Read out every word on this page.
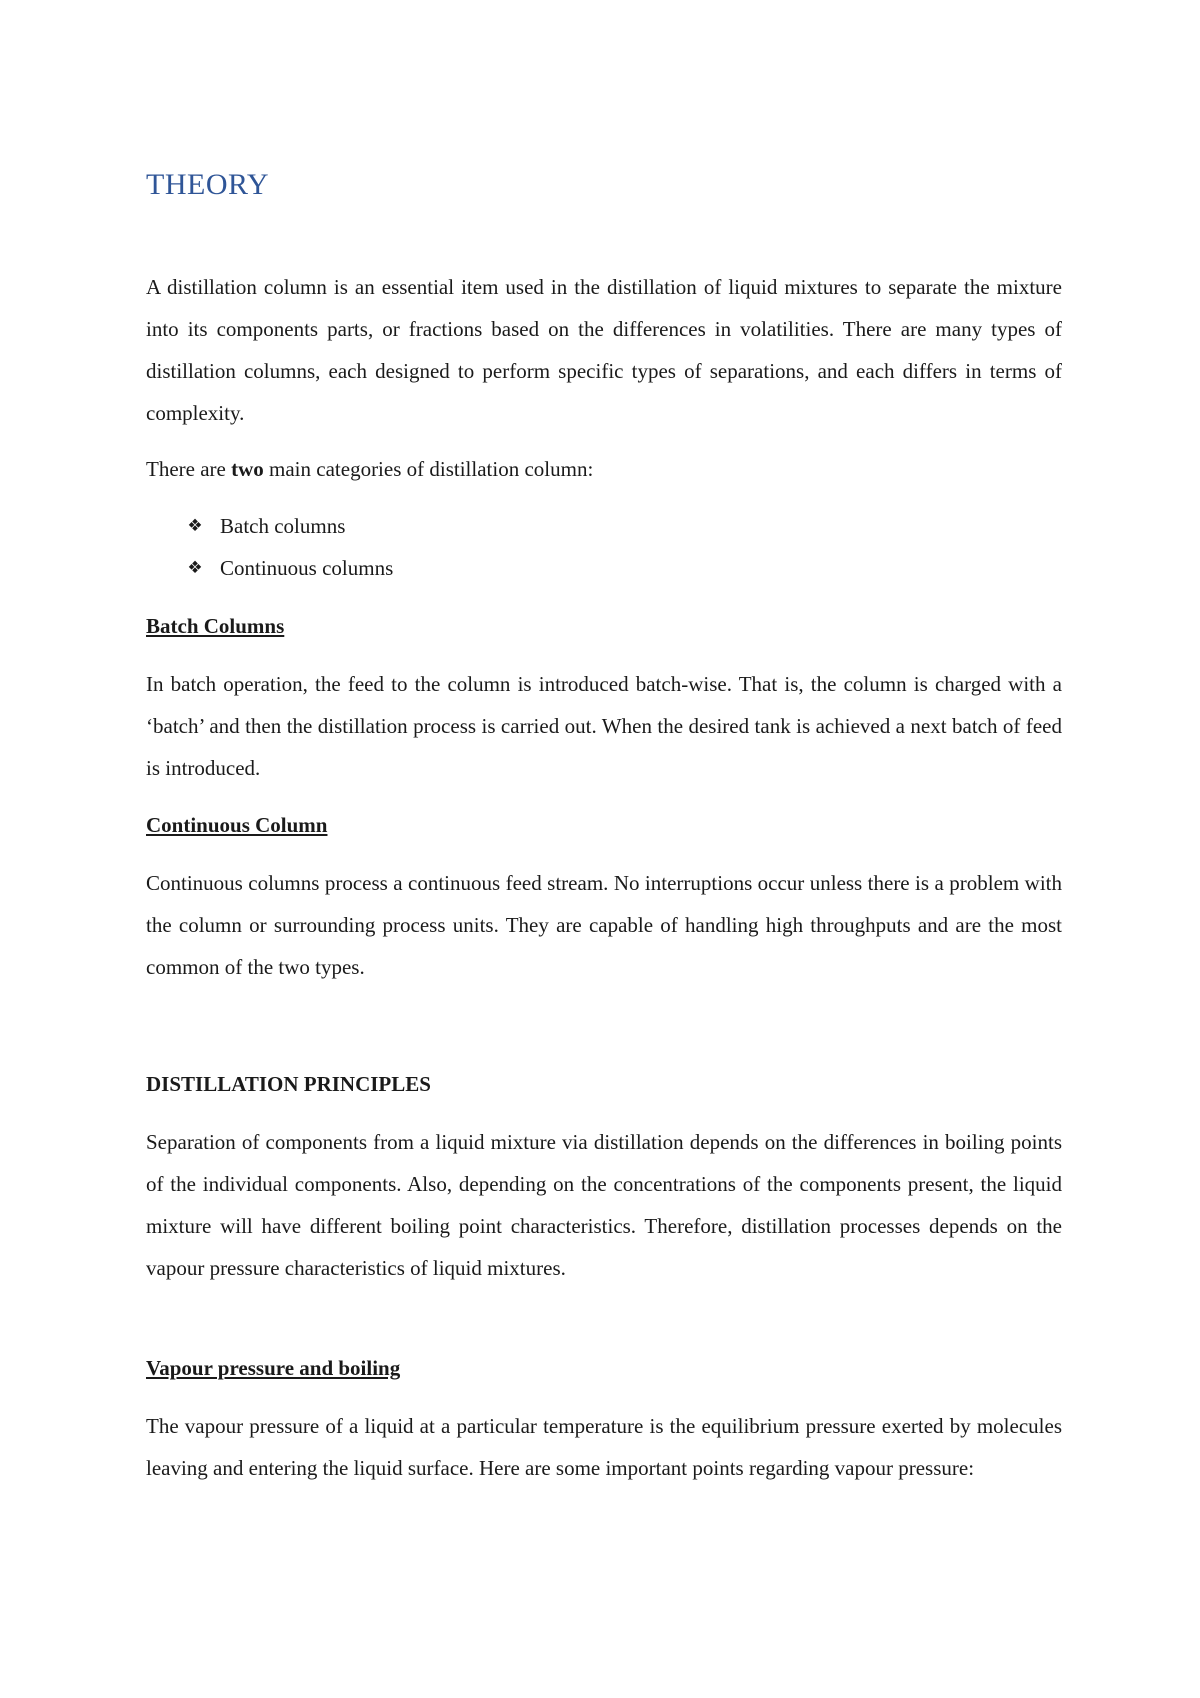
THEORY

A distillation column is an essential item used in the distillation of liquid mixtures to separate the mixture into its components parts, or fractions based on the differences in volatilities. There are many types of distillation columns, each designed to perform specific types of separations, and each differs in terms of complexity.

There are two main categories of distillation column:

❖ Batch columns
❖ Continuous columns
Batch Columns

In batch operation, the feed to the column is introduced batch-wise. That is, the column is charged with a ‘batch’ and then the distillation process is carried out. When the desired tank is achieved a next batch of feed is introduced.

Continuous Column

Continuous columns process a continuous feed stream. No interruptions occur unless there is a problem with the column or surrounding process units. They are capable of handling high throughputs and are the most common of the two types.

DISTILLATION PRINCIPLES

Separation of components from a liquid mixture via distillation depends on the differences in boiling points of the individual components. Also, depending on the concentrations of the components present, the liquid mixture will have different boiling point characteristics. Therefore, distillation processes depends on the vapour pressure characteristics of liquid mixtures.

Vapour pressure and boiling

The vapour pressure of a liquid at a particular temperature is the equilibrium pressure exerted by molecules leaving and entering the liquid surface. Here are some important points regarding vapour pressure:
